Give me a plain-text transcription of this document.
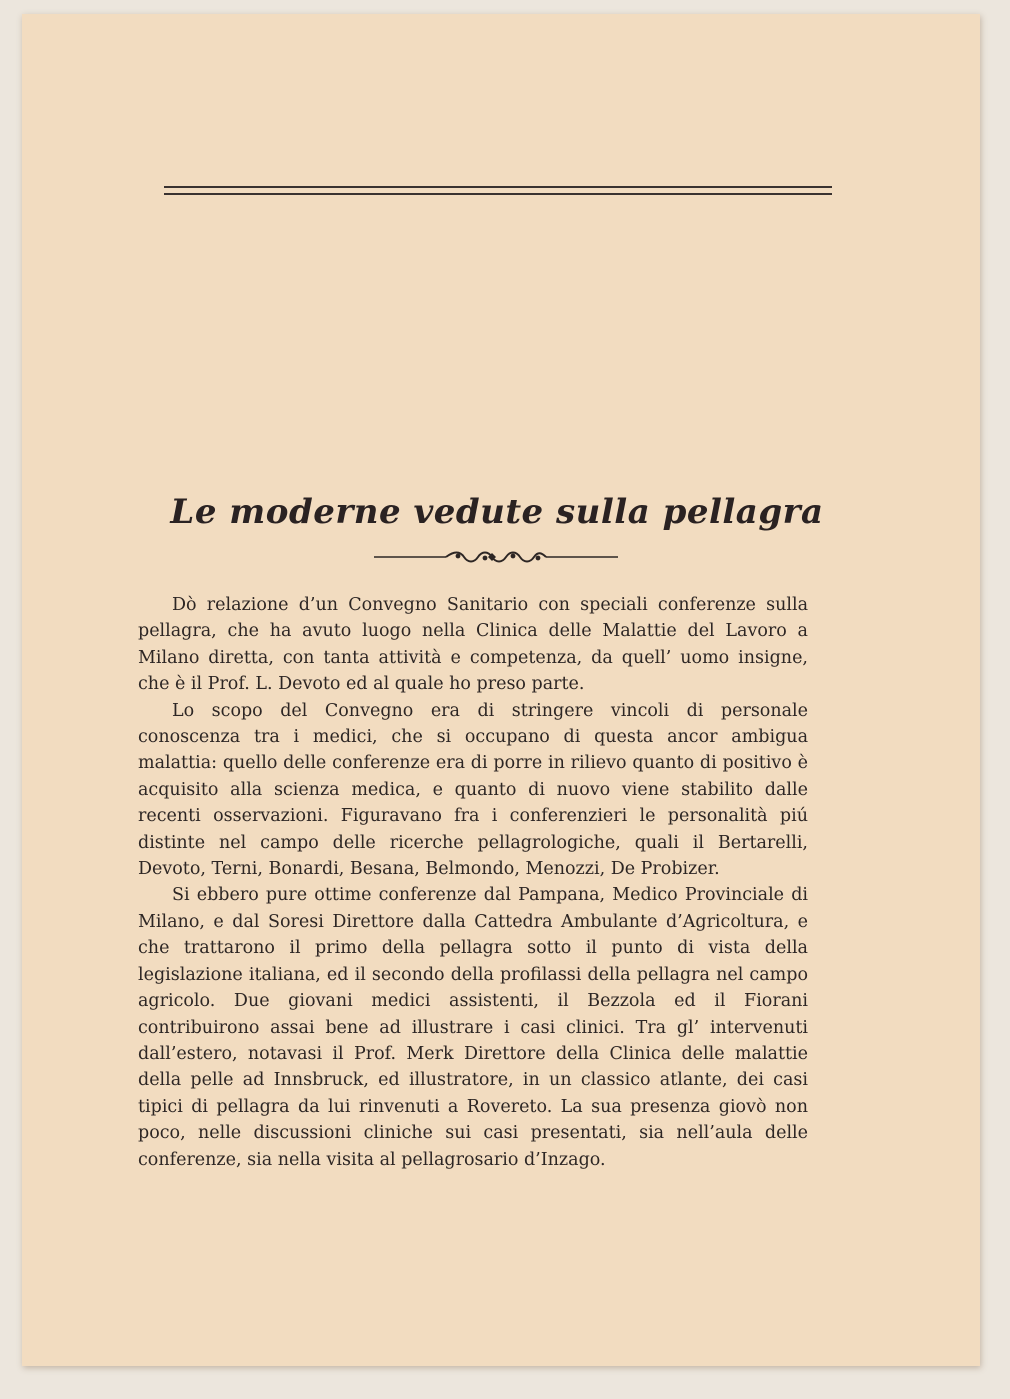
Le moderne vedute sulla pellagra

Dò relazione d’un Convegno Sanitario con speciali conferenze sulla pellagra, che ha avuto luogo nella Clinica delle Malattie del Lavoro a Milano diretta, con tanta attività e competenza, da quell’ uomo insigne, che è il Prof. L. Devoto ed al quale ho preso parte.

Lo scopo del Convegno era di stringere vincoli di personale conoscenza tra i medici, che si occupano di questa ancor ambigua malattia: quello delle conferenze era di porre in rilievo quanto di positivo è acquisito alla scienza medica, e quanto di nuovo viene stabilito dalle recenti osservazioni. Figuravano fra i conferenzieri le personalità piú distinte nel campo delle ricerche pellagrologiche, quali il Bertarelli, Devoto, Terni, Bonardi, Besana, Belmondo, Menozzi, De Probizer.

Si ebbero pure ottime conferenze dal Pampana, Medico Provinciale di Milano, e dal Soresi Direttore dalla Cattedra Ambulante d’Agricoltura, e che trattarono il primo della pellagra sotto il punto di vista della legislazione italiana, ed il secondo della profilassi della pellagra nel campo agricolo. Due giovani medici assistenti, il Bezzola ed il Fiorani contribuirono assai bene ad illustrare i casi clinici. Tra gl’ intervenuti dall’estero, notavasi il Prof. Merk Direttore della Clinica delle malattie della pelle ad Innsbruck, ed illustratore, in un classico atlante, dei casi tipici di pellagra da lui rinvenuti a Rovereto. La sua presenza giovò non poco, nelle discussioni cliniche sui casi presentati, sia nell’aula delle conferenze, sia nella visita al pellagrosario d’Inzago.
